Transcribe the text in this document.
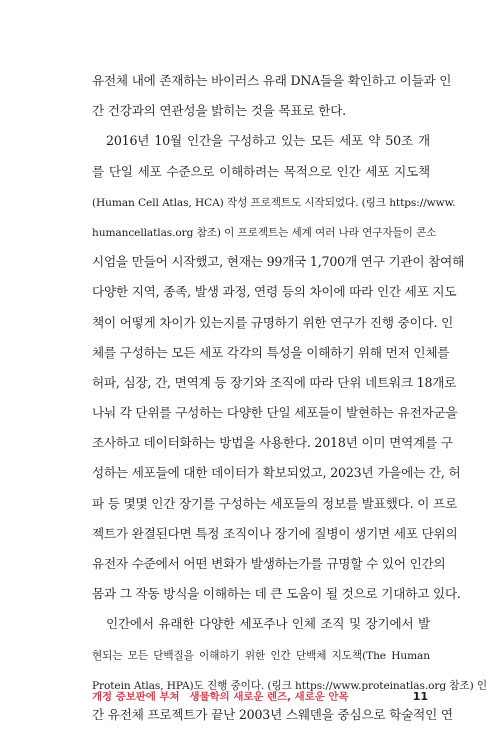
유전체 내에 존재하는 바이러스 유래 DNA들을 확인하고 이들과 인
간 건강과의 연관성을 밝히는 것을 목표로 한다.
2016년 10월 인간을 구성하고 있는 모든 세포 약 50조 개
를 단일 세포 수준으로 이해하려는 목적으로 인간 세포 지도책
(Human Cell Atlas, HCA) 작성 프로젝트도 시작되었다. (링크 https://www.
humancellatlas.org 참조) 이 프로젝트는 세계 여러 나라 연구자들이 콘소
시엄을 만들어 시작했고, 현재는 99개국 1,700개 연구 기관이 참여해
다양한 지역, 종족, 발생 과정, 연령 등의 차이에 따라 인간 세포 지도
책이 어떻게 차이가 있는지를 규명하기 위한 연구가 진행 중이다. 인
체를 구성하는 모든 세포 각각의 특성을 이해하기 위해 먼저 인체를
허파, 심장, 간, 면역계 등 장기와 조직에 따라 단위 네트워크 18개로
나눠 각 단위를 구성하는 다양한 단일 세포들이 발현하는 유전자군을
조사하고 데이터화하는 방법을 사용한다. 2018년 이미 면역계를 구
성하는 세포들에 대한 데이터가 확보되었고, 2023년 가을에는 간, 허
파 등 몇몇 인간 장기를 구성하는 세포들의 정보를 발표했다. 이 프로
젝트가 완결된다면 특정 조직이나 장기에 질병이 생기면 세포 단위의
유전자 수준에서 어떤 변화가 발생하는가를 규명할 수 있어 인간의
몸과 그 작동 방식을 이해하는 데 큰 도움이 될 것으로 기대하고 있다.
인간에서 유래한 다양한 세포주나 인체 조직 및 장기에서 발
현되는 모든 단백질을 이해하기 위한 인간 단백체 지도책(The Human
Protein Atlas, HPA)도 진행 중이다. (링크 https://www.proteinatlas.org 참조) 인
간 유전체 프로젝트가 끝난 2003년 스웨덴을 중심으로 학술적인 연
개정 증보판에 부쳐 생물학의 새로운 렌즈, 새로운 안목	11
